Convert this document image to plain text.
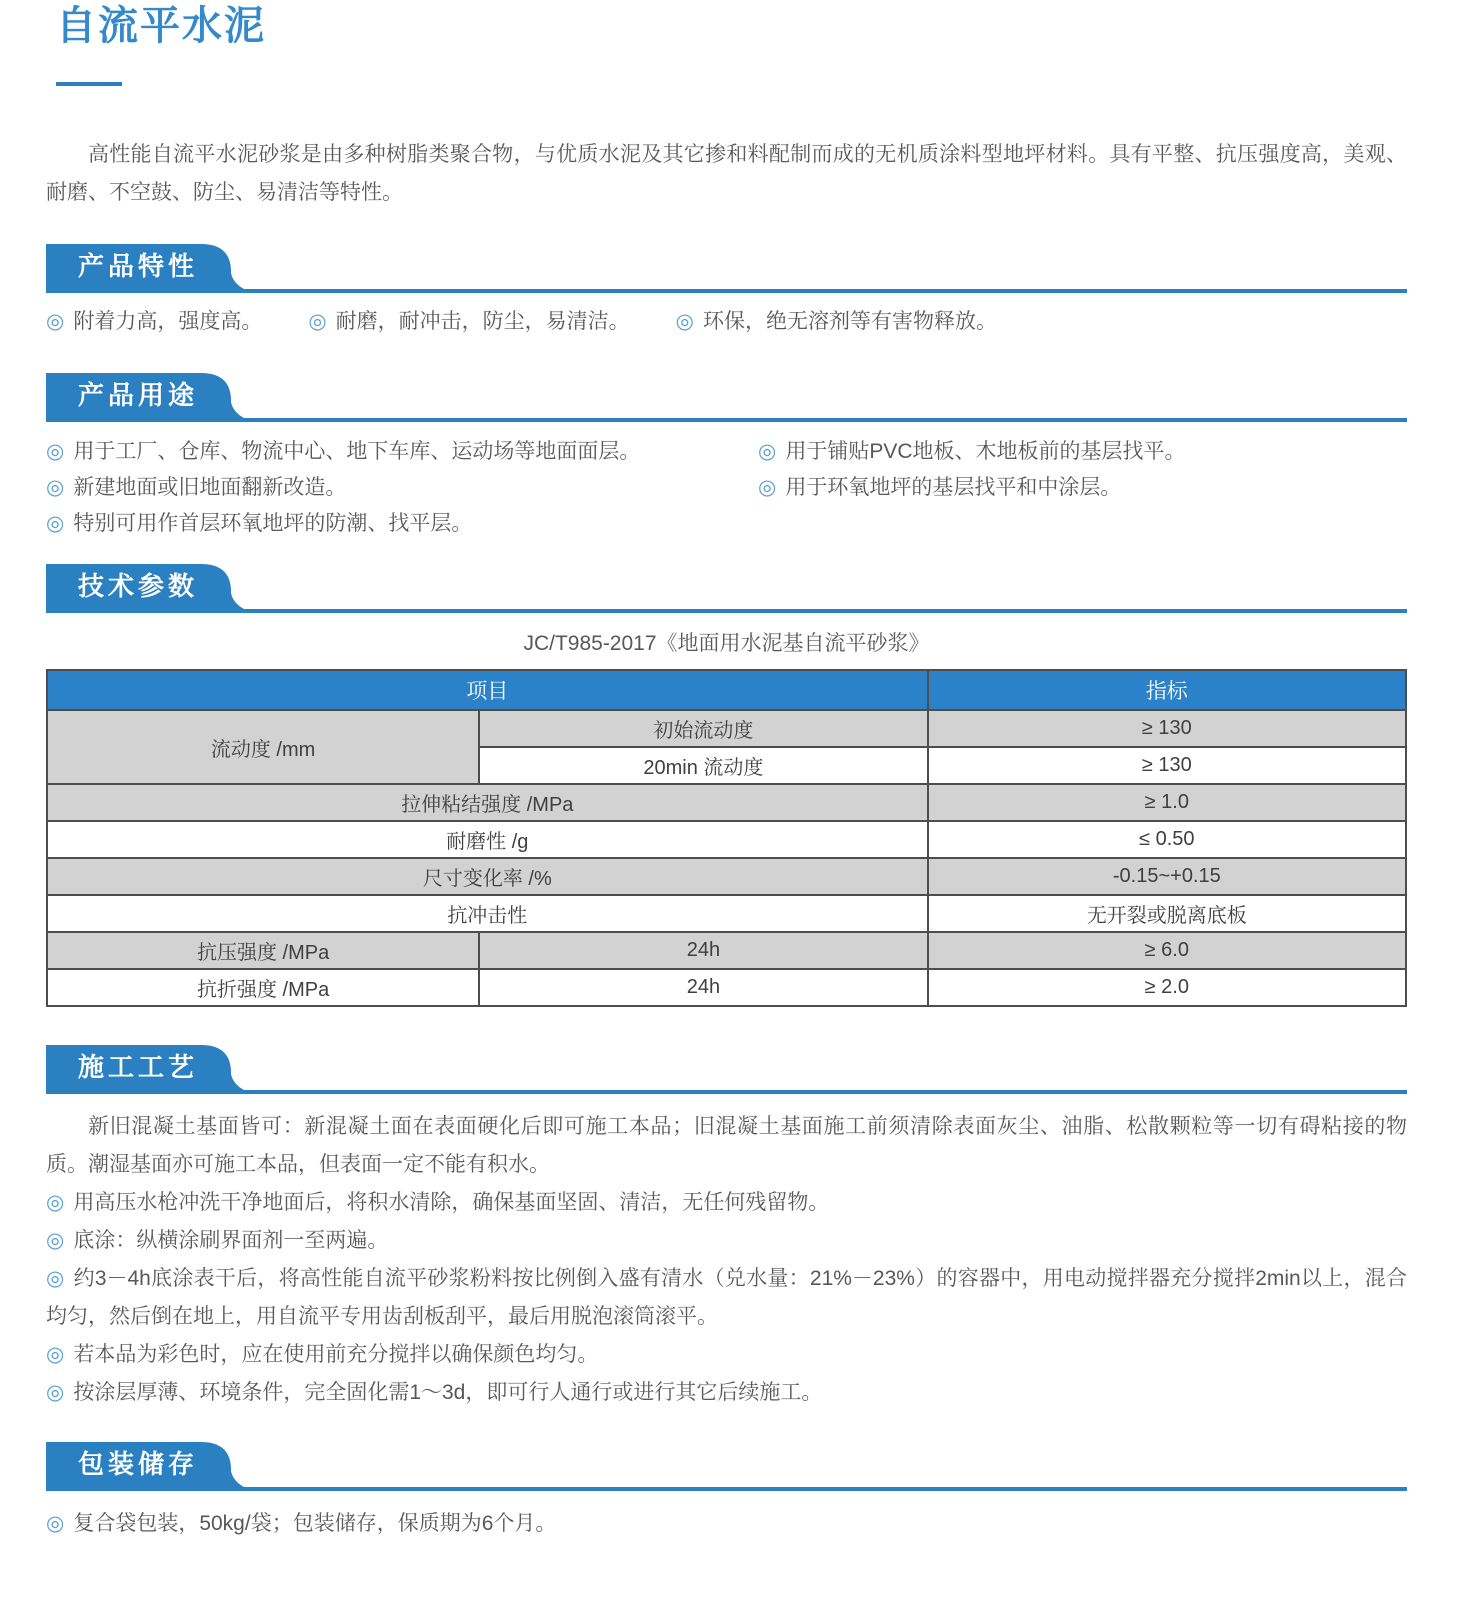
自流平水泥

高性能自流平水泥砂浆是由多种树脂类聚合物，与优质水泥及其它掺和料配制而成的无机质涂料型地坪材料。具有平整、抗压强度高，美观、耐磨、不空鼓、防尘、易清洁等特性。

产品特性

◎ 附着力高，强度高。 ◎ 耐磨，耐冲击，防尘，易清洁。 ◎ 环保，绝无溶剂等有害物释放。

产品用途

◎ 用于工厂、仓库、物流中心、地下车库、运动场等地面面层。

◎ 新建地面或旧地面翻新改造。

◎ 特别可用作首层环氧地坪的防潮、找平层。

◎ 用于铺贴PVC地板、木地板前的基层找平。

◎ 用于环氧地坪的基层找平和中涂层。

技术参数

JC/T985-2017《地面用水泥基自流平砂浆》

项目		指标
流动度 /mm	初始流动度	≥ 130
	20min 流动度	≥ 130
拉伸粘结强度 /MPa		≥ 1.0
耐磨性 /g		≤ 0.50
尺寸变化率 /%		-0.15~+0.15
抗冲击性		无开裂或脱离底板
抗压强度 /MPa	24h	≥ 6.0
抗折强度 /MPa	24h	≥ 2.0
施工工艺

新旧混凝土基面皆可：新混凝土面在表面硬化后即可施工本品；旧混凝土基面施工前须清除表面灰尘、油脂、松散颗粒等一切有碍粘接的物质。潮湿基面亦可施工本品，但表面一定不能有积水。

◎ 用高压水枪冲洗干净地面后，将积水清除，确保基面坚固、清洁，无任何残留物。

◎ 底涂：纵横涂刷界面剂一至两遍。

◎ 约3－4h底涂表干后，将高性能自流平砂浆粉料按比例倒入盛有清水（兑水量：21%－23%）的容器中，用电动搅拌器充分搅拌2min以上，混合均匀，然后倒在地上，用自流平专用齿刮板刮平，最后用脱泡滚筒滚平。

◎ 若本品为彩色时，应在使用前充分搅拌以确保颜色均匀。

◎ 按涂层厚薄、环境条件，完全固化需1～3d，即可行人通行或进行其它后续施工。

包装储存

◎ 复合袋包装，50kg/袋；包装储存，保质期为6个月。
